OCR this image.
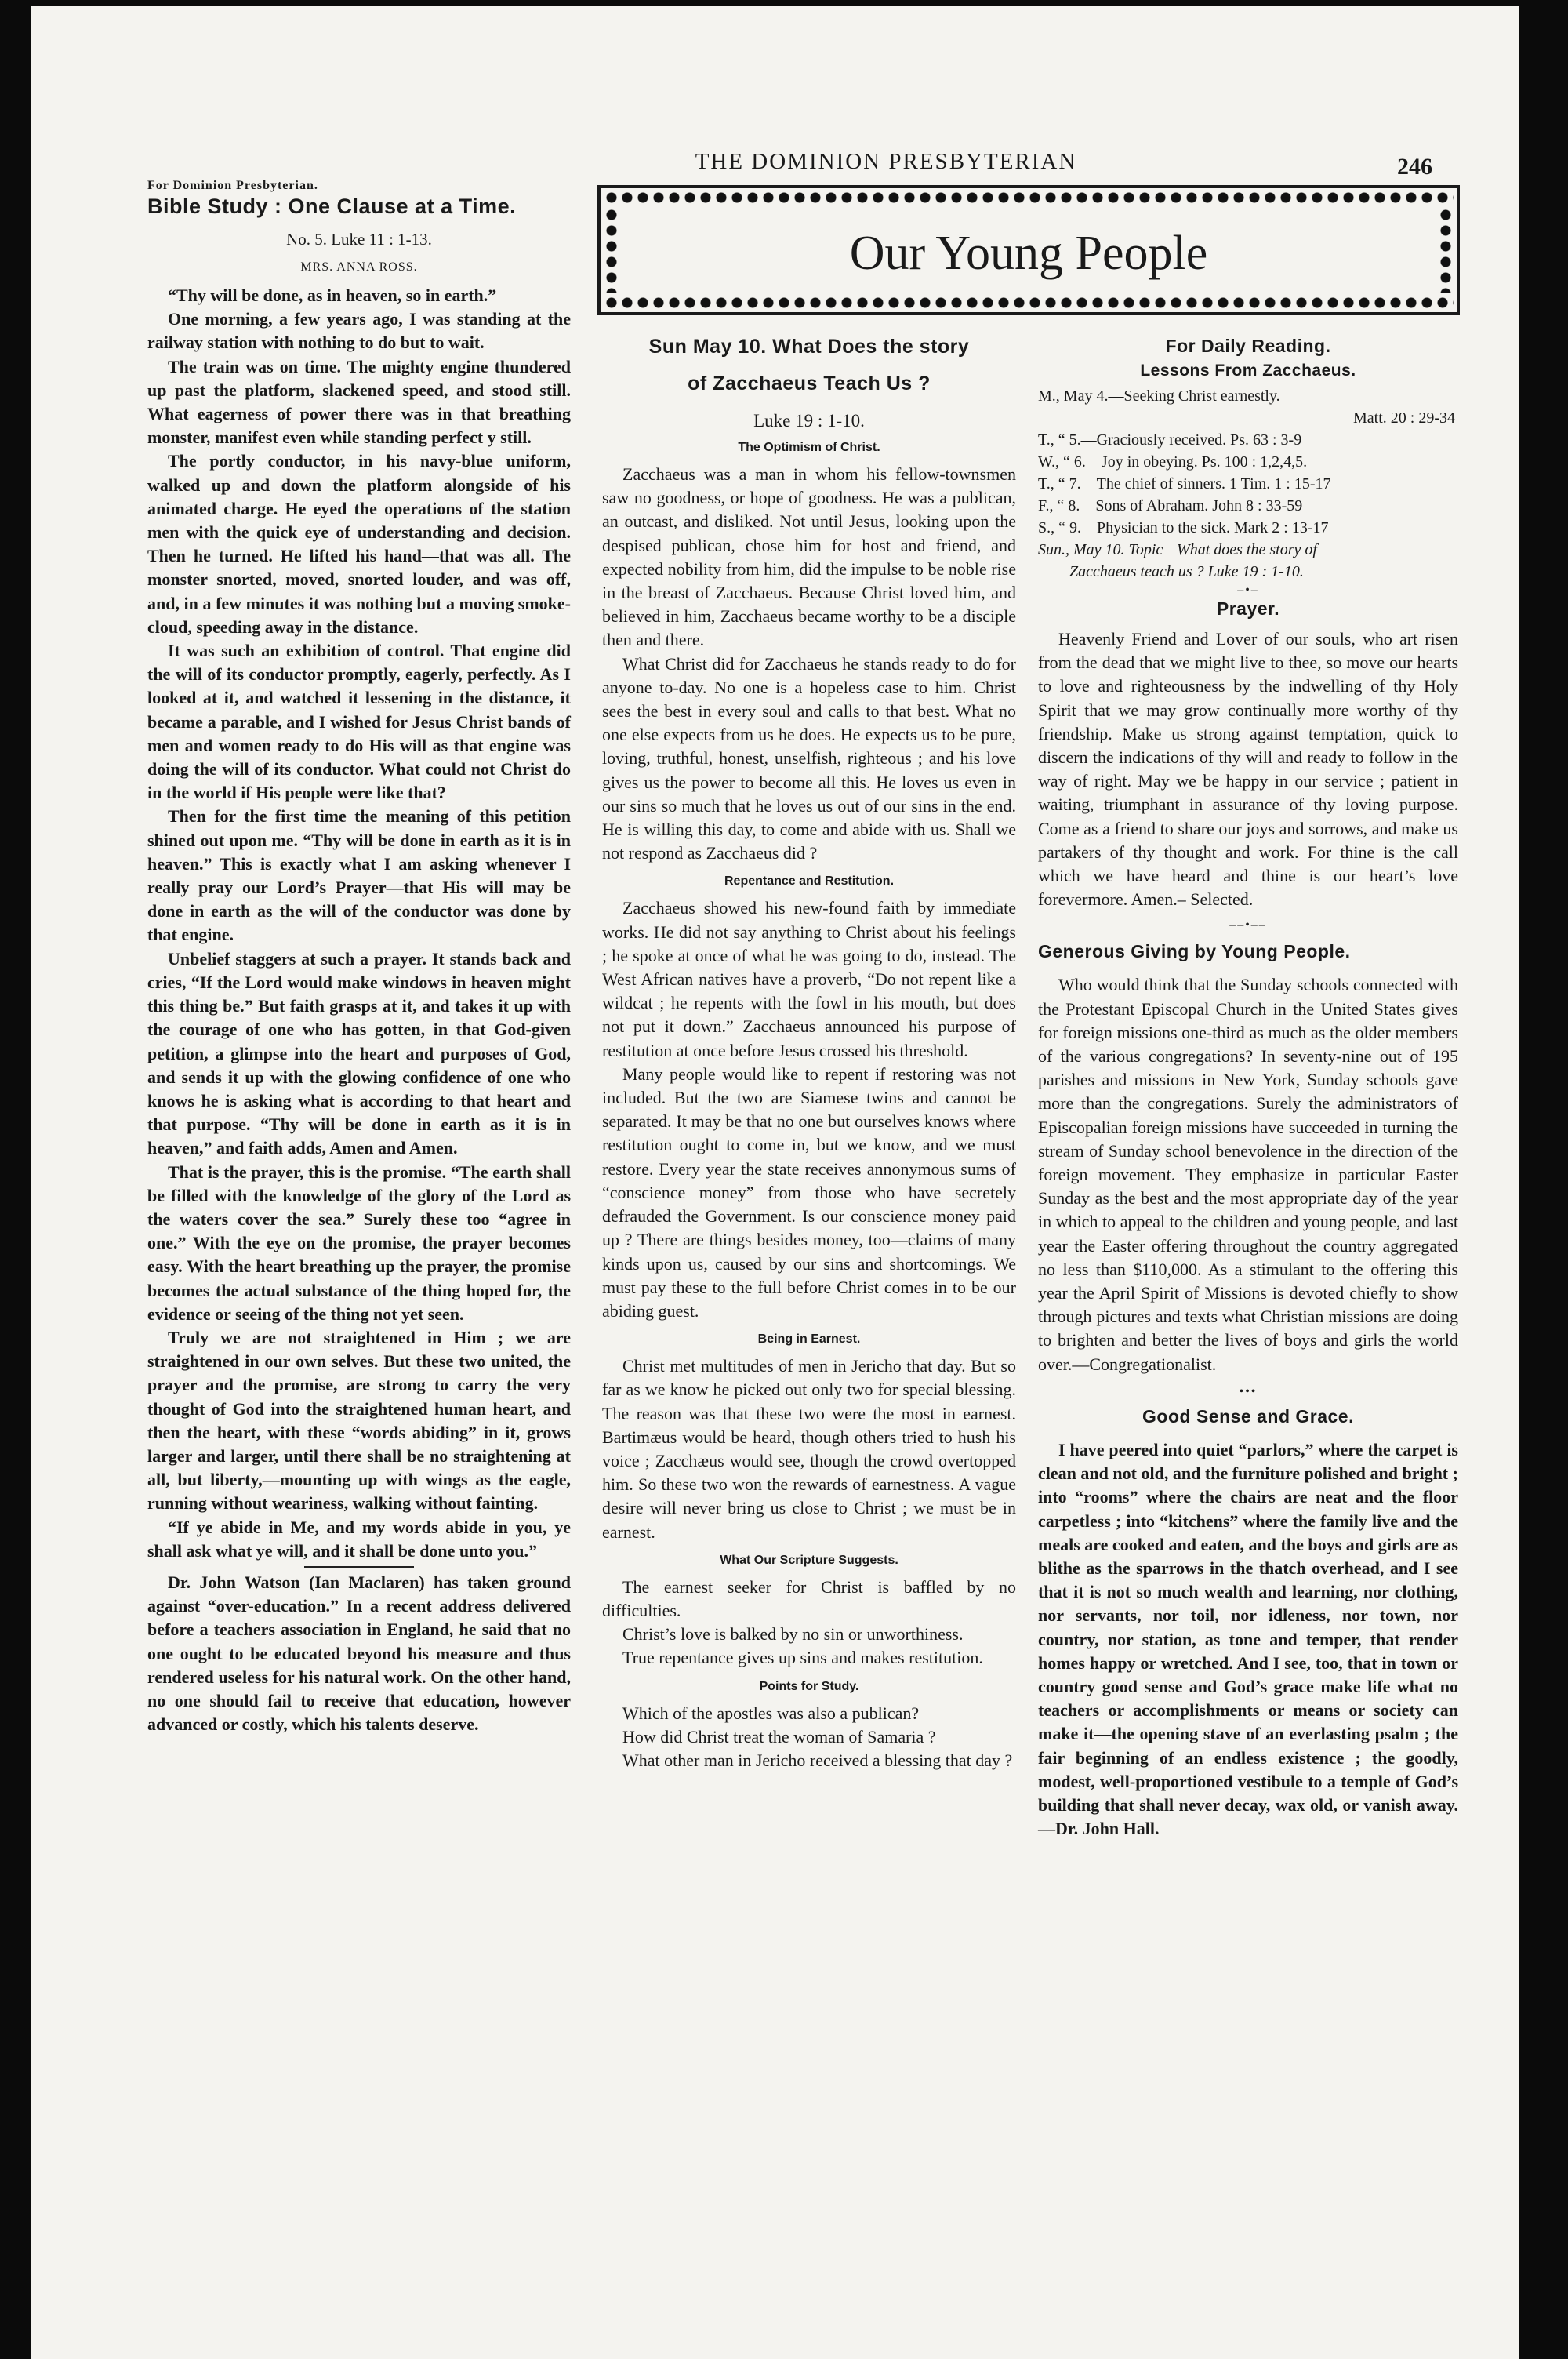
THE DOMINION PRESBYTERIAN	246
Our Young People
For Dominion Presbyterian.
Bible Study : One Clause at a Time.
No. 5. Luke 11 : 1-13.
MRS. ANNA ROSS.

“Thy will be done, as in heaven, so in earth.”

One morning, a few years ago, I was standing at the railway station with nothing to do but to wait.

The train was on time. The mighty engine thundered up past the platform, slackened speed, and stood still. What eagerness of power there was in that breathing monster, manifest even while standing perfect y still.

The portly conductor, in his navy-blue uniform, walked up and down the platform alongside of his animated charge. He eyed the operations of the station men with the quick eye of understanding and decision. Then he turned. He lifted his hand—that was all. The monster snorted, moved, snorted louder, and was off, and, in a few minutes it was nothing but a moving smoke-cloud, speeding away in the distance.

It was such an exhibition of control. That engine did the will of its conductor promptly, eagerly, perfectly. As I looked at it, and watched it lessening in the distance, it became a parable, and I wished for Jesus Christ bands of men and women ready to do His will as that engine was doing the will of its conductor. What could not Christ do in the world if His people were like that?

Then for the first time the meaning of this petition shined out upon me. “Thy will be done in earth as it is in heaven.” This is exactly what I am asking whenever I really pray our Lord’s Prayer—that His will may be done in earth as the will of the conductor was done by that engine.

Unbelief staggers at such a prayer. It stands back and cries, “If the Lord would make windows in heaven might this thing be.” But faith grasps at it, and takes it up with the courage of one who has gotten, in that God-given petition, a glimpse into the heart and purposes of God, and sends it up with the glowing confidence of one who knows he is asking what is according to that heart and that purpose. “Thy will be done in earth as it is in heaven,” and faith adds, Amen and Amen.

That is the prayer, this is the promise. “The earth shall be filled with the knowledge of the glory of the Lord as the waters cover the sea.” Surely these too “agree in one.” With the eye on the promise, the prayer becomes easy. With the heart breathing up the prayer, the promise becomes the actual substance of the thing hoped for, the evidence or seeing of the thing not yet seen.

Truly we are not straightened in Him ; we are straightened in our own selves. But these two united, the prayer and the promise, are strong to carry the very thought of God into the straightened human heart, and then the heart, with these “words abiding” in it, grows larger and larger, until there shall be no straightening at all, but liberty,—mounting up with wings as the eagle, running without weariness, walking without fainting.

“If ye abide in Me, and my words abide in you, ye shall ask what ye will, and it shall be done unto you.”

Dr. John Watson (Ian Maclaren) has taken ground against “over-education.” In a recent address delivered before a teachers association in England, he said that no one ought to be educated beyond his measure and thus rendered useless for his natural work. On the other hand, no one should fail to receive that education, however advanced or costly, which his talents deserve.

Sun May 10. What Does the story
of Zacchaeus Teach Us ?
Luke 19 : 1-10.
The Optimism of Christ.

Zacchaeus was a man in whom his fellow-townsmen saw no goodness, or hope of goodness. He was a publican, an outcast, and disliked. Not until Jesus, looking upon the despised publican, chose him for host and friend, and expected nobility from him, did the impulse to be noble rise in the breast of Zacchaeus. Because Christ loved him, and believed in him, Zacchaeus became worthy to be a disciple then and there.

What Christ did for Zacchaeus he stands ready to do for anyone to-day. No one is a hopeless case to him. Christ sees the best in every soul and calls to that best. What no one else expects from us he does. He expects us to be pure, loving, truthful, honest, unselfish, righteous ; and his love gives us the power to become all this. He loves us even in our sins so much that he loves us out of our sins in the end. He is willing this day, to come and abide with us. Shall we not respond as Zacchaeus did ?

Repentance and Restitution.

Zacchaeus showed his new-found faith by immediate works. He did not say anything to Christ about his feelings ; he spoke at once of what he was going to do, instead. The West African natives have a proverb, “Do not repent like a wildcat ; he repents with the fowl in his mouth, but does not put it down.” Zacchaeus announced his purpose of restitution at once before Jesus crossed his threshold.

Many people would like to repent if restoring was not included. But the two are Siamese twins and cannot be separated. It may be that no one but ourselves knows where restitution ought to come in, but we know, and we must restore. Every year the state receives annonymous sums of “conscience money” from those who have secretely defrauded the Government. Is our conscience money paid up ? There are things besides money, too—claims of many kinds upon us, caused by our sins and shortcomings. We must pay these to the full before Christ comes in to be our abiding guest.

Being in Earnest.

Christ met multitudes of men in Jericho that day. But so far as we know he picked out only two for special blessing. The reason was that these two were the most in earnest. Bartimæus would be heard, though others tried to hush his voice ; Zacchæus would see, though the crowd overtopped him. So these two won the rewards of earnestness. A vague desire will never bring us close to Christ ; we must be in earnest.

What Our Scripture Suggests.

The earnest seeker for Christ is baffled by no difficulties.

Christ’s love is balked by no sin or unworthiness.

True repentance gives up sins and makes restitution.

Points for Study.

Which of the apostles was also a publican?

How did Christ treat the woman of Samaria ?

What other man in Jericho received a blessing that day ?

For Daily Reading.
Lessons From Zacchaeus.
M., May 4.—Seeking Christ earnestly.
Matt. 20 : 29-34
T., “ 5.—Graciously received. Ps. 63 : 3-9
W., “ 6.—Joy in obeying. Ps. 100 : 1,2,4,5.
T., “ 7.—The chief of sinners. 1 Tim. 1 : 15-17
F., “ 8.—Sons of Abraham. John 8 : 33-59
S., “ 9.—Physician to the sick. Mark 2 : 13-17
Sun., May 10. Topic—What does the story of
Zacchaeus teach us ? Luke 19 : 1-10.
–•–
Prayer.

Heavenly Friend and Lover of our souls, who art risen from the dead that we might live to thee, so move our hearts to love and righteousness by the indwelling of thy Holy Spirit that we may grow continually more worthy of thy friendship. Make us strong against temptation, quick to discern the indications of thy will and ready to follow in the way of right. May we be happy in our service ; patient in waiting, triumphant in assurance of thy loving purpose. Come as a friend to share our joys and sorrows, and make us partakers of thy thought and work. For thine is the call which we have heard and thine is our heart’s love forevermore. Amen.– Selected.

––•––
Generous Giving by Young People.

Who would think that the Sunday schools connected with the Protestant Episcopal Church in the United States gives for foreign missions one-third as much as the older members of the various congregations? In seventy-nine out of 195 parishes and missions in New York, Sunday schools gave more than the congregations. Surely the administrators of Episcopalian foreign missions have succeeded in turning the stream of Sunday school benevolence in the direction of the foreign movement. They emphasize in particular Easter Sunday as the best and the most appropriate day of the year in which to appeal to the children and young people, and last year the Easter offering throughout the country aggregated no less than $110,000. As a stimulant to the offering this year the April Spirit of Missions is devoted chiefly to show through pictures and texts what Christian missions are doing to brighten and better the lives of boys and girls the world over.—Congregationalist.

•••
Good Sense and Grace.

I have peered into quiet “parlors,” where the carpet is clean and not old, and the furniture polished and bright ; into “rooms” where the chairs are neat and the floor carpetless ; into “kitchens” where the family live and the meals are cooked and eaten, and the boys and girls are as blithe as the sparrows in the thatch overhead, and I see that it is not so much wealth and learning, nor clothing, nor servants, nor toil, nor idleness, nor town, nor country, nor station, as tone and temper, that render homes happy or wretched. And I see, too, that in town or country good sense and God’s grace make life what no teachers or accomplishments or means or society can make it—the opening stave of an everlasting psalm ; the fair beginning of an endless existence ; the goodly, modest, well-proportioned vestibule to a temple of God’s building that shall never decay, wax old, or vanish away.—Dr. John Hall.
